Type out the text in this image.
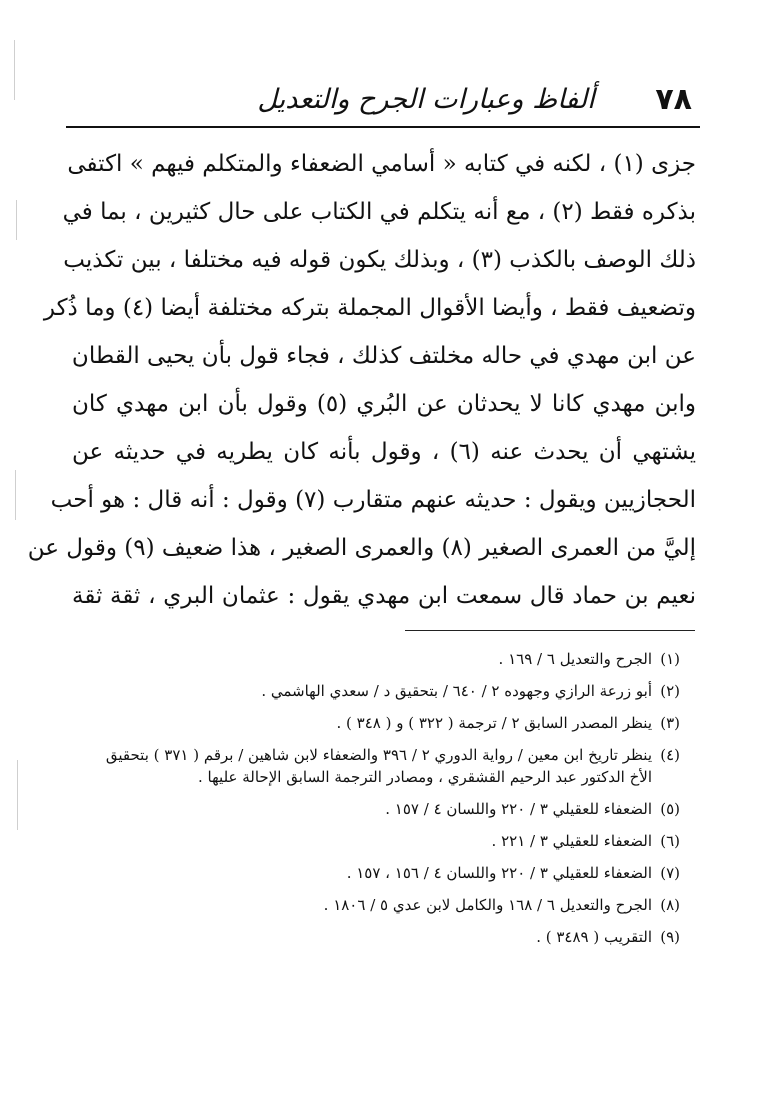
ألفاظ وعبارات الجرح والتعديل ٧٨
جزى (١) ، لكنه في كتابه « أسامي الضعفاء والمتكلم فيهم » اكتفى
بذكره فقط (٢) ، مع أنه يتكلم في الكتاب على حال كثيرين ، بما في
ذلك الوصف بالكذب (٣) ، وبذلك يكون قوله فيه مختلفا ، بين تكذيب
وتضعيف فقط ، وأيضا الأقوال المجملة بتركه مختلفة أيضا (٤) وما ذُكر
عن ابن مهدي في حاله مخلتف كذلك ، فجاء قول بأن يحيى القطان
وابن مهدي كانا لا يحدثان عن البُري (٥) وقول بأن ابن مهدي كان
يشتهي أن يحدث عنه (٦) ، وقول بأنه كان يطريه في حديثه عن
الحجازيين ويقول : حديثه عنهم متقارب (٧) وقول : أنه قال : هو أحب
إليَّ من العمرى الصغير (٨) والعمرى الصغير ، هذا ضعيف (٩) وقول عن
نعيم بن حماد قال سمعت ابن مهدي يقول : عثمان البري ، ثقة ثقة
(١)
الجرح والتعديل ٦ / ١٦٩ .
(٢)
أبو زرعة الرازي وجهوده ٢ / ٦٤٠ / بتحقيق د / سعدي الهاشمي .
(٣)
ينظر المصدر السابق ٢ / ترجمة ( ٣٢٢ ) و ( ٣٤٨ ) .
(٤)
ينظر تاريخ ابن معين / رواية الدوري ٢ / ٣٩٦ والضعفاء لابن شاهين / برقم ( ٣٧١ ) بتحقيق
الأخ الدكتور عبد الرحيم القشقري ، ومصادر الترجمة السابق الإحالة عليها .
(٥)
الضعفاء للعقيلي ٣ / ٢٢٠ واللسان ٤ / ١٥٧ .
(٦)
الضعفاء للعقيلي ٣ / ٢٢١ .
(٧)
الضعفاء للعقيلي ٣ / ٢٢٠ واللسان ٤ / ١٥٦ ، ١٥٧ .
(٨)
الجرح والتعديل ٦ / ١٦٨ والكامل لابن عدي ٥ / ١٨٠٦ .
(٩)
التقريب ( ٣٤٨٩ ) .
